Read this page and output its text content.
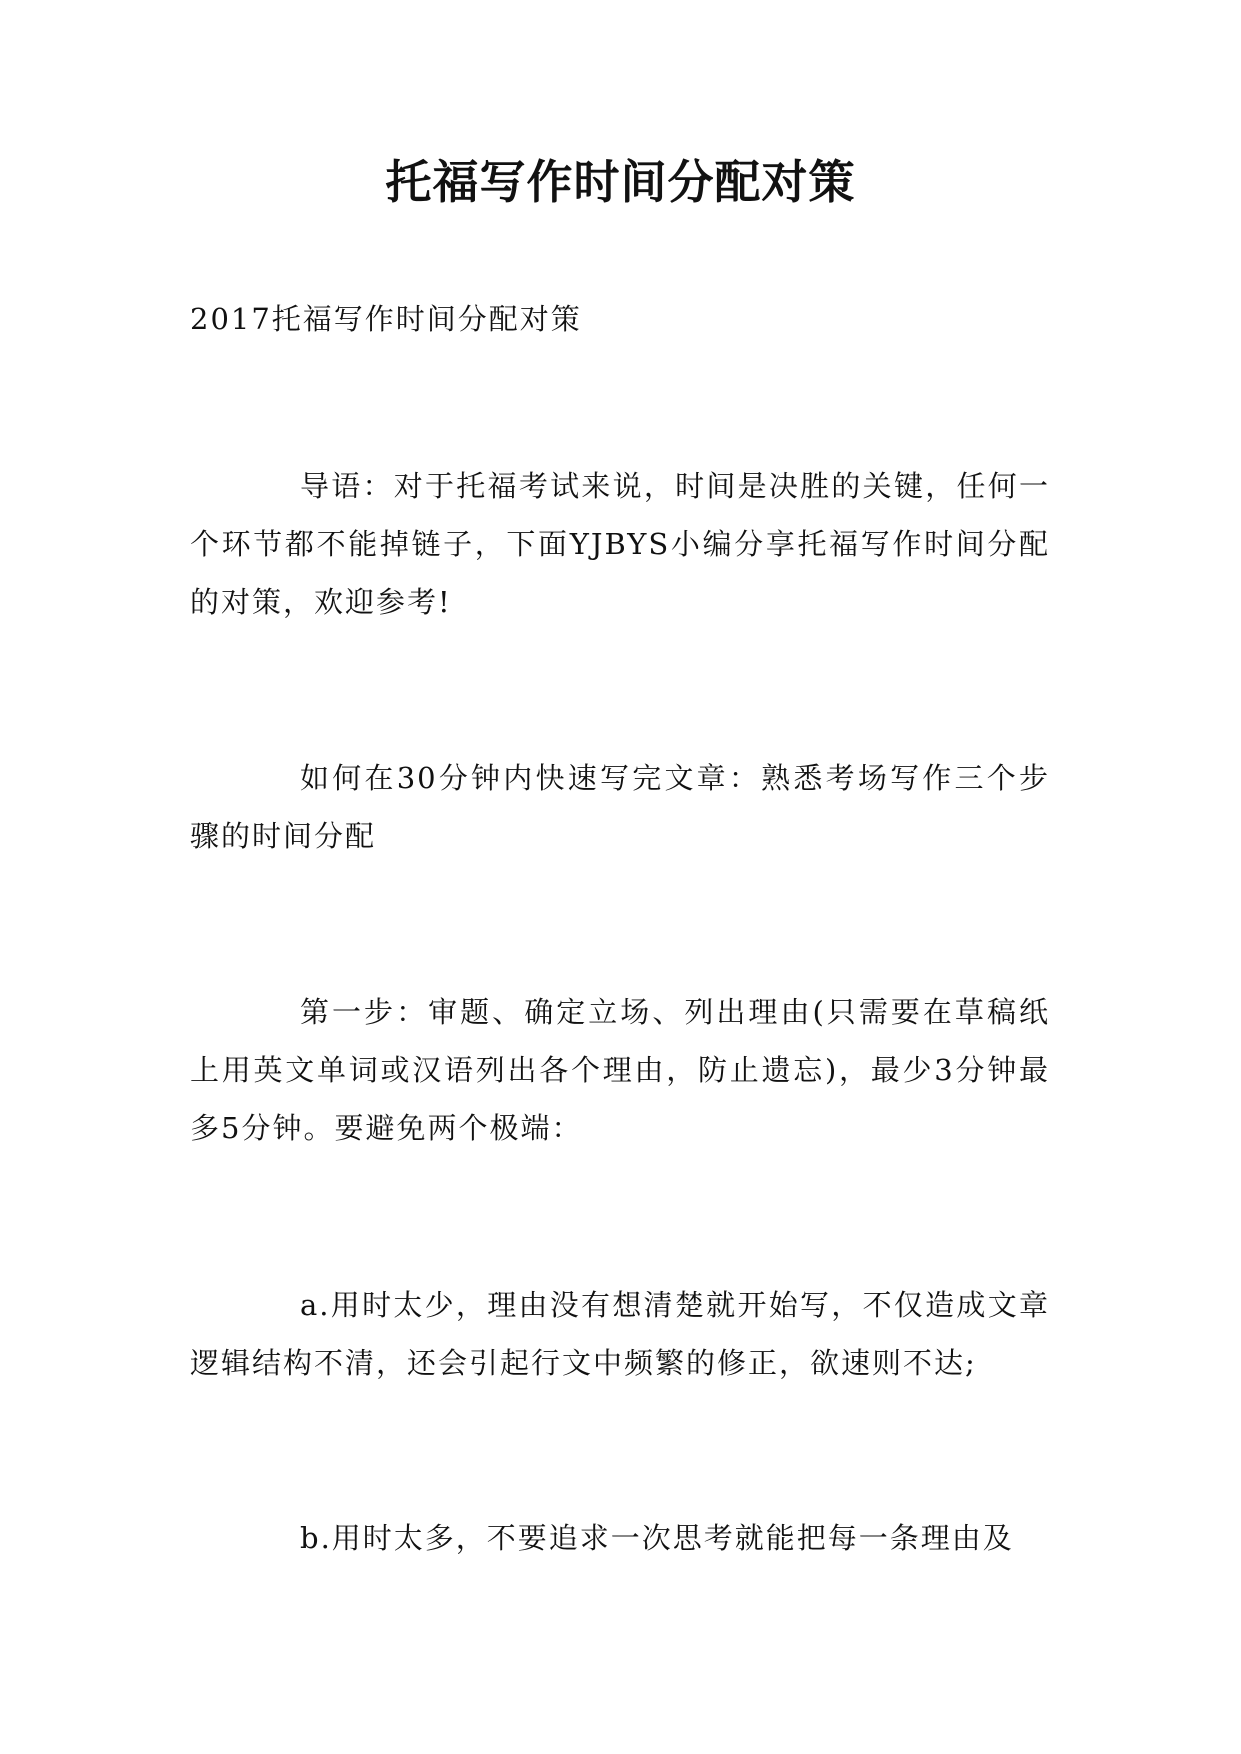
托福写作时间分配对策

2017托福写作时间分配对策

导语：对于托福考试来说，时间是决胜的关键，任何一个环节都不能掉链子，下面YJBYS小编分享托福写作时间分配的对策，欢迎参考!

如何在30分钟内快速写完文章：熟悉考场写作三个步骤的时间分配

第一步：审题、确定立场、列出理由(只需要在草稿纸上用英文单词或汉语列出各个理由，防止遗忘)，最少3分钟最多5分钟。要避免两个极端：

a.用时太少，理由没有想清楚就开始写，不仅造成文章逻辑结构不清，还会引起行文中频繁的修正，欲速则不达;

b.用时太多，不要追求一次思考就能把每一条理由及
